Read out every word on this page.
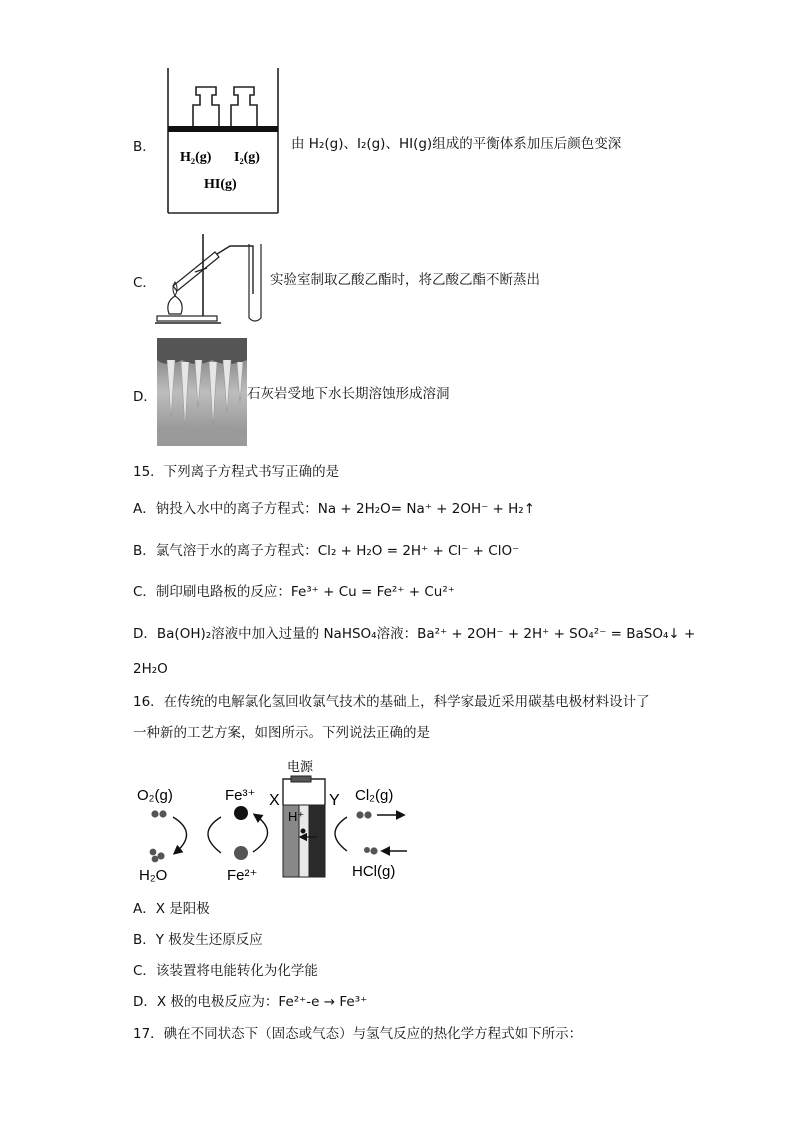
B．
H₂(g) I₂(g)
HI(g)
由 H₂(g)、I₂(g)、HI(g)组成的平衡体系加压后颜色变深
C．	实验室制取乙酸乙酯时，将乙酸乙酯不断蒸出
D．	石灰岩受地下水长期溶蚀形成溶洞
15．下列离子方程式书写正确的是
A．钠投入水中的离子方程式：Na + 2H₂O= Na⁺ + 2OH⁻ + H₂↑
B．氯气溶于水的离子方程式：Cl₂ + H₂O = 2H⁺ + Cl⁻ + ClO⁻
C．制印刷电路板的反应：Fe³⁺ + Cu = Fe²⁺ + Cu²⁺
D．Ba(OH)₂溶液中加入过量的 NaHSO₄溶液：Ba²⁺ + 2OH⁻ + 2H⁺ + SO₄²⁻ = BaSO₄↓ +
2H₂O
16．在传统的电解氯化氢回收氯气技术的基础上，科学家最近采用碳基电极材料设计了
一种新的工艺方案，如图所示。下列说法正确的是
电源
H⁺
X	Y
O₂(g)
H₂O
Fe³⁺
Fe²⁺
Cl₂(g)
HCl(g)
A．X 是阳极
B．Y 极发生还原反应
C．该装置将电能转化为化学能
D．X 极的电极反应为：Fe²⁺-e → Fe³⁺
17．碘在不同状态下（固态或气态）与氢气反应的热化学方程式如下所示：
